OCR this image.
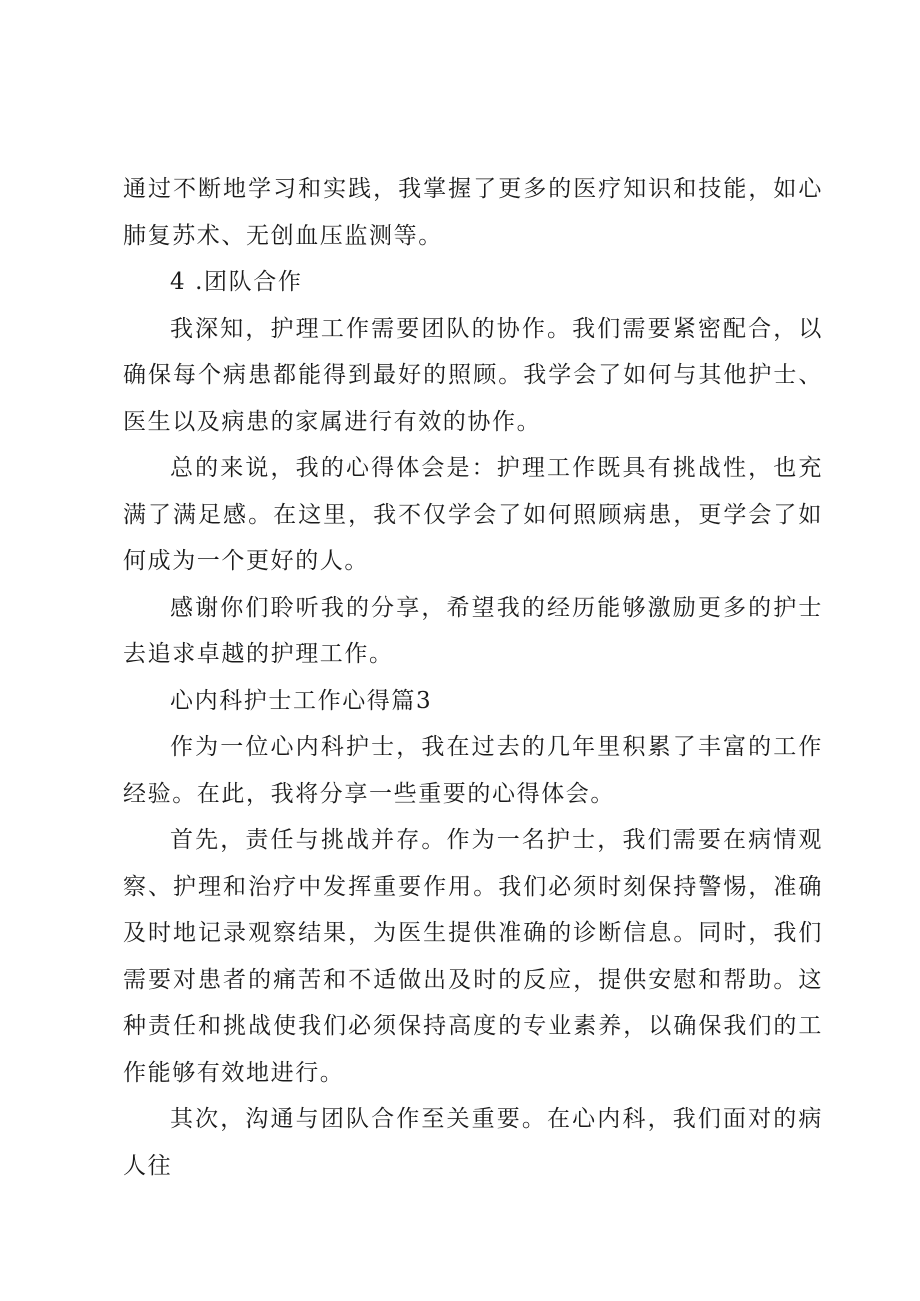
通过不断地学习和实践，我掌握了更多的医疗知识和技能，如心肺复苏术、无创血压监测等。

4 .团队合作

我深知，护理工作需要团队的协作。我们需要紧密配合，以确保每个病患都能得到最好的照顾。我学会了如何与其他护士、医生以及病患的家属进行有效的协作。

总的来说，我的心得体会是：护理工作既具有挑战性，也充满了满足感。在这里，我不仅学会了如何照顾病患，更学会了如何成为一个更好的人。

感谢你们聆听我的分享，希望我的经历能够激励更多的护士去追求卓越的护理工作。

心内科护士工作心得篇3

作为一位心内科护士，我在过去的几年里积累了丰富的工作经验。在此，我将分享一些重要的心得体会。

首先，责任与挑战并存。作为一名护士，我们需要在病情观察、护理和治疗中发挥重要作用。我们必须时刻保持警惕，准确及时地记录观察结果，为医生提供准确的诊断信息。同时，我们需要对患者的痛苦和不适做出及时的反应，提供安慰和帮助。这种责任和挑战使我们必须保持高度的专业素养，以确保我们的工作能够有效地进行。

其次，沟通与团队合作至关重要。在心内科，我们面对的病人往
